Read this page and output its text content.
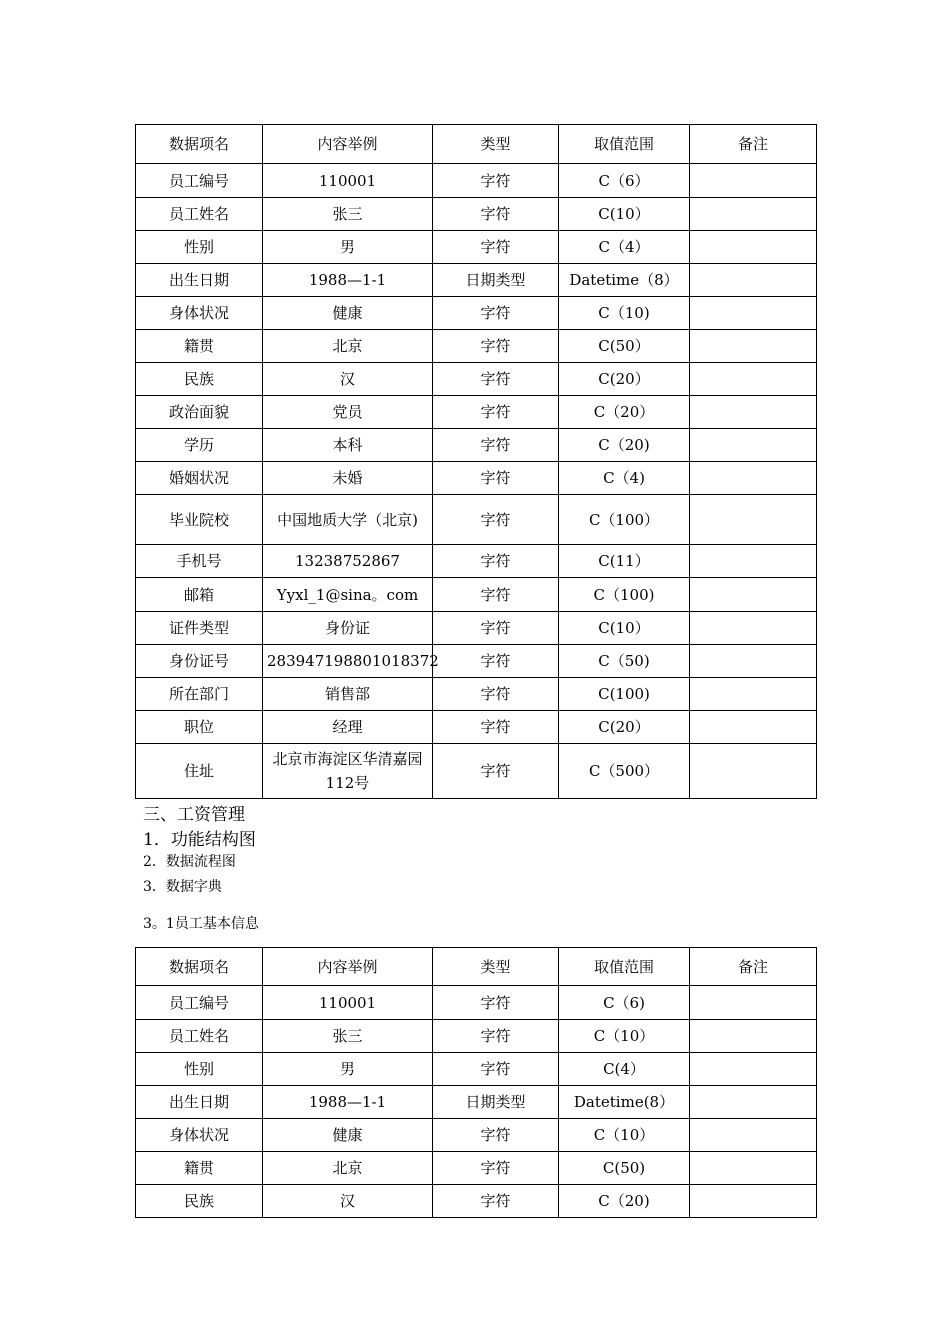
数据项名	内容举例	类型	取值范围	备注
员工编号	110001	字符	C（6）	
员工姓名	张三	字符	C(10）	
性别	男	字符	C（4）	
出生日期	1988—1-1	日期类型	Datetime（8）	
身体状况	健康	字符	C（10)	
籍贯	北京	字符	C(50）	
民族	汉	字符	C(20）	
政治面貌	党员	字符	C（20）	
学历	本科	字符	C（20)	
婚姻状况	未婚	字符	C（4)	
毕业院校	中国地质大学（北京)	字符	C（100）	
手机号	13238752867	字符	C(11）	
邮箱	Yyxl_1@sina。com	字符	C（100)	
证件类型	身份证	字符	C(10）	
身份证号	283947198801018372	字符	C（50)	
所在部门	销售部	字符	C(100)	
职位	经理	字符	C(20）	
住址	北京市海淀区华清嘉园112号	字符	C（500）	
三、工资管理
1．功能结构图
2．数据流程图
3．数据字典
3。1员工基本信息
数据项名	内容举例	类型	取值范围	备注
员工编号	110001	字符	C（6)	
员工姓名	张三	字符	C（10）	
性别	男	字符	C(4）	
出生日期	1988—1-1	日期类型	Datetime(8）	
身体状况	健康	字符	C（10）	
籍贯	北京	字符	C(50)	
民族	汉	字符	C（20)	
